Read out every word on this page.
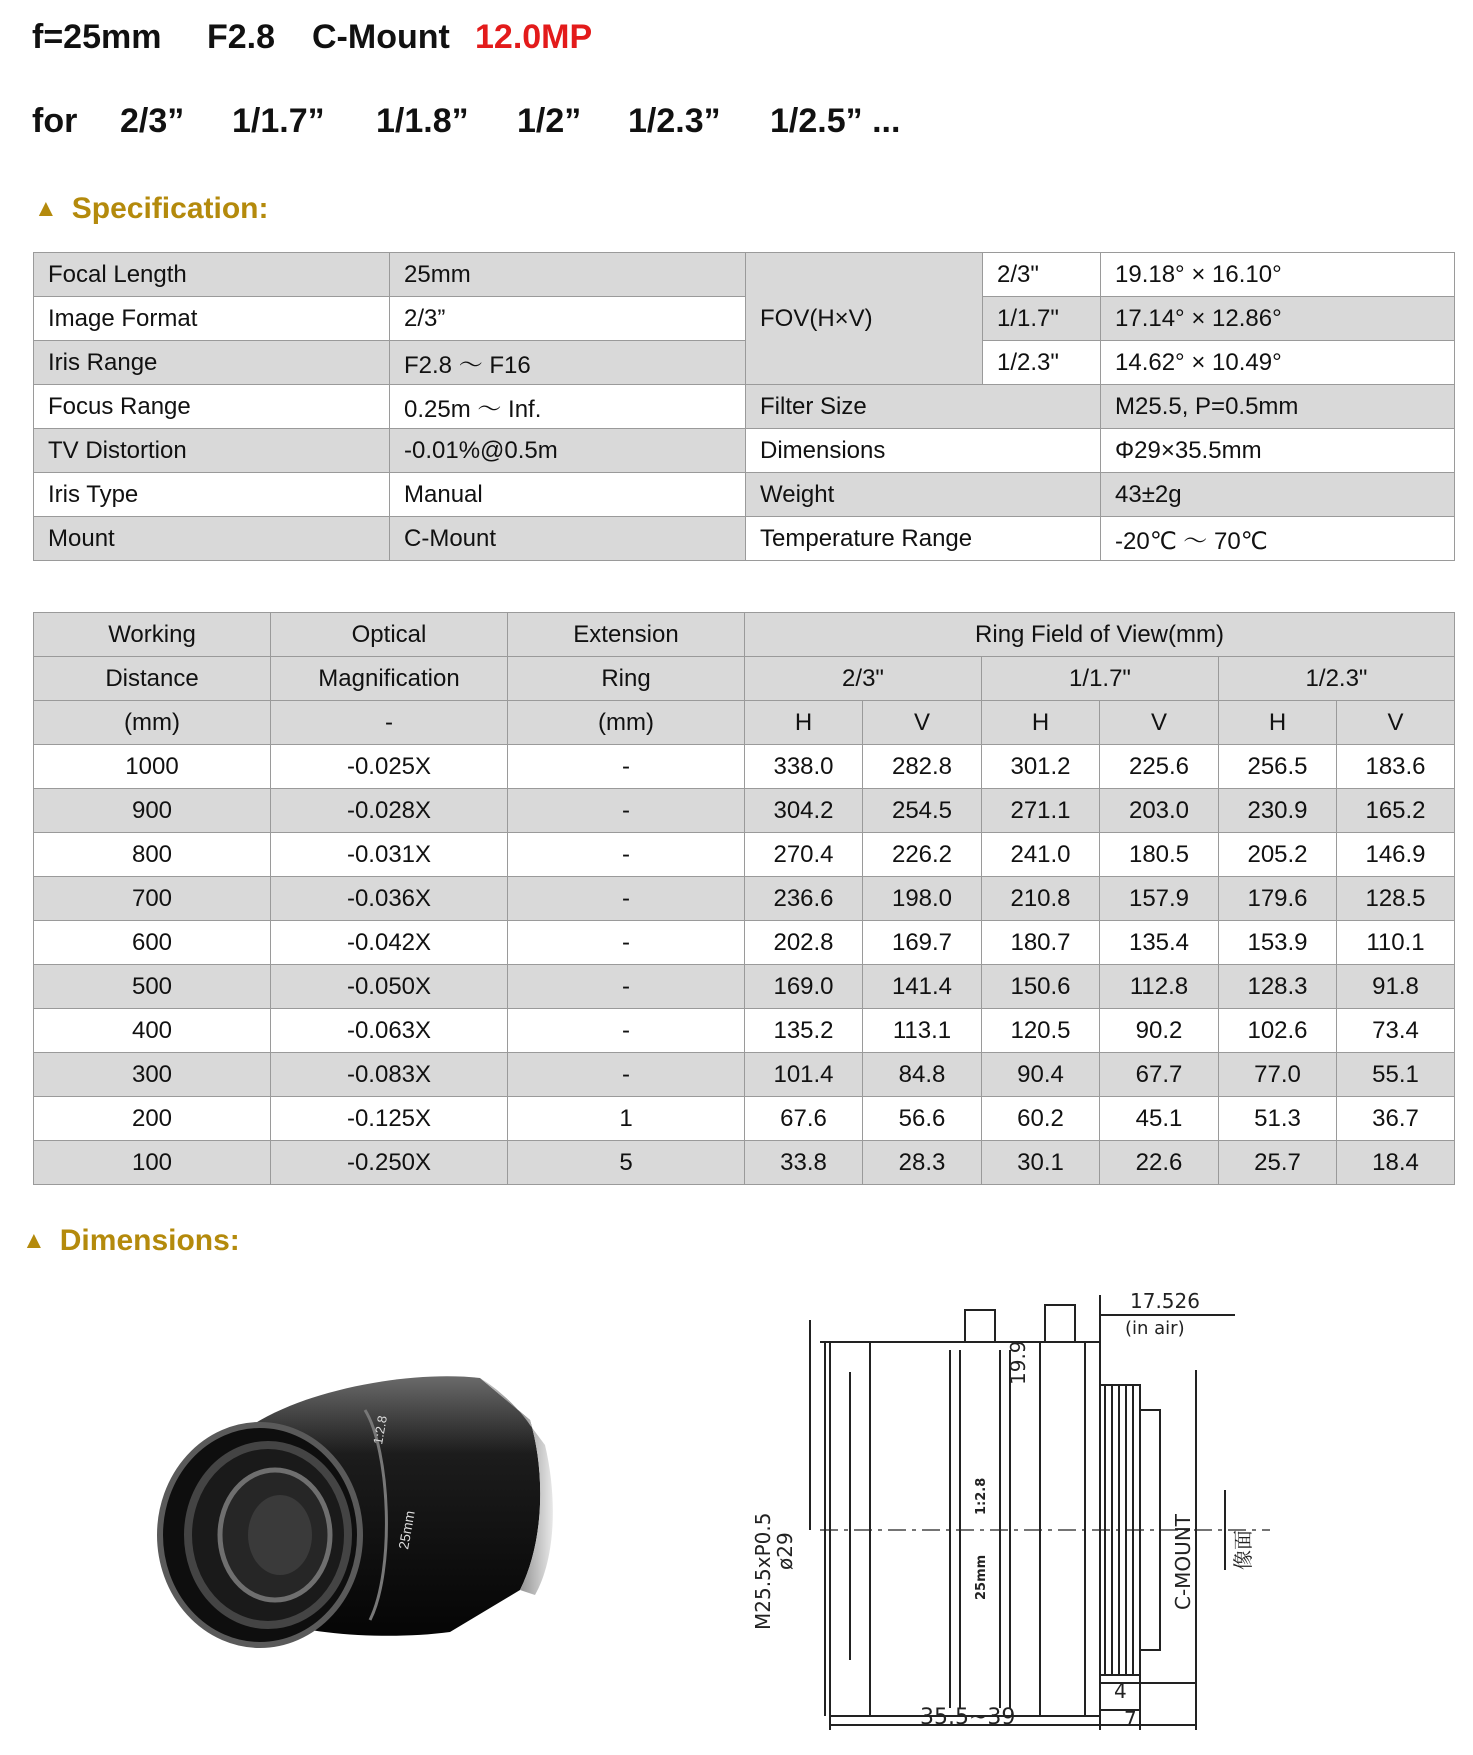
f=25mm F2.8 C-Mount 12.0MP
for 2/3” 1/1.7” 1/1.8” 1/2” 1/2.3” 1/2.5” ...
▲ Specification:
Focal Length	25mm	FOV(H×V)	2/3"	19.18° × 16.10°
Image Format	2/3”		1/1.7"	17.14° × 12.86°
Iris Range	F2.8 ～ F16		1/2.3"	14.62° × 10.49°
Focus Range	0.25m ～ Inf.	Filter Size		M25.5, P=0.5mm
TV Distortion	-0.01%@0.5m	Dimensions		Φ29×35.5mm
Iris Type	Manual	Weight		43±2g
Mount	C-Mount	Temperature Range		-20℃ ～ 70℃
Working	Optical	Extension	Ring Field of View(mm)					
Distance	Magnification	Ring	2/3"		1/1.7"		1/2.3"	
(mm)	-	(mm)	H	V	H	V	H	V
1000	-0.025X	-	338.0	282.8	301.2	225.6	256.5	183.6
900	-0.028X	-	304.2	254.5	271.1	203.0	230.9	165.2
800	-0.031X	-	270.4	226.2	241.0	180.5	205.2	146.9
700	-0.036X	-	236.6	198.0	210.8	157.9	179.6	128.5
600	-0.042X	-	202.8	169.7	180.7	135.4	153.9	110.1
500	-0.050X	-	169.0	141.4	150.6	112.8	128.3	91.8
400	-0.063X	-	135.2	113.1	120.5	90.2	102.6	73.4
300	-0.083X	-	101.4	84.8	90.4	67.7	77.0	55.1
200	-0.125X	1	67.6	56.6	60.2	45.1	51.3	36.7
100	-0.250X	5	33.8	28.3	30.1	22.6	25.7	18.4
▲ Dimensions:
25mm
1:2.8
17.526
(in air)
ø29
M25.5xP0.5
19.9
25mm
1:2.8
C-MOUNT 像面
4
7
35.5~39
